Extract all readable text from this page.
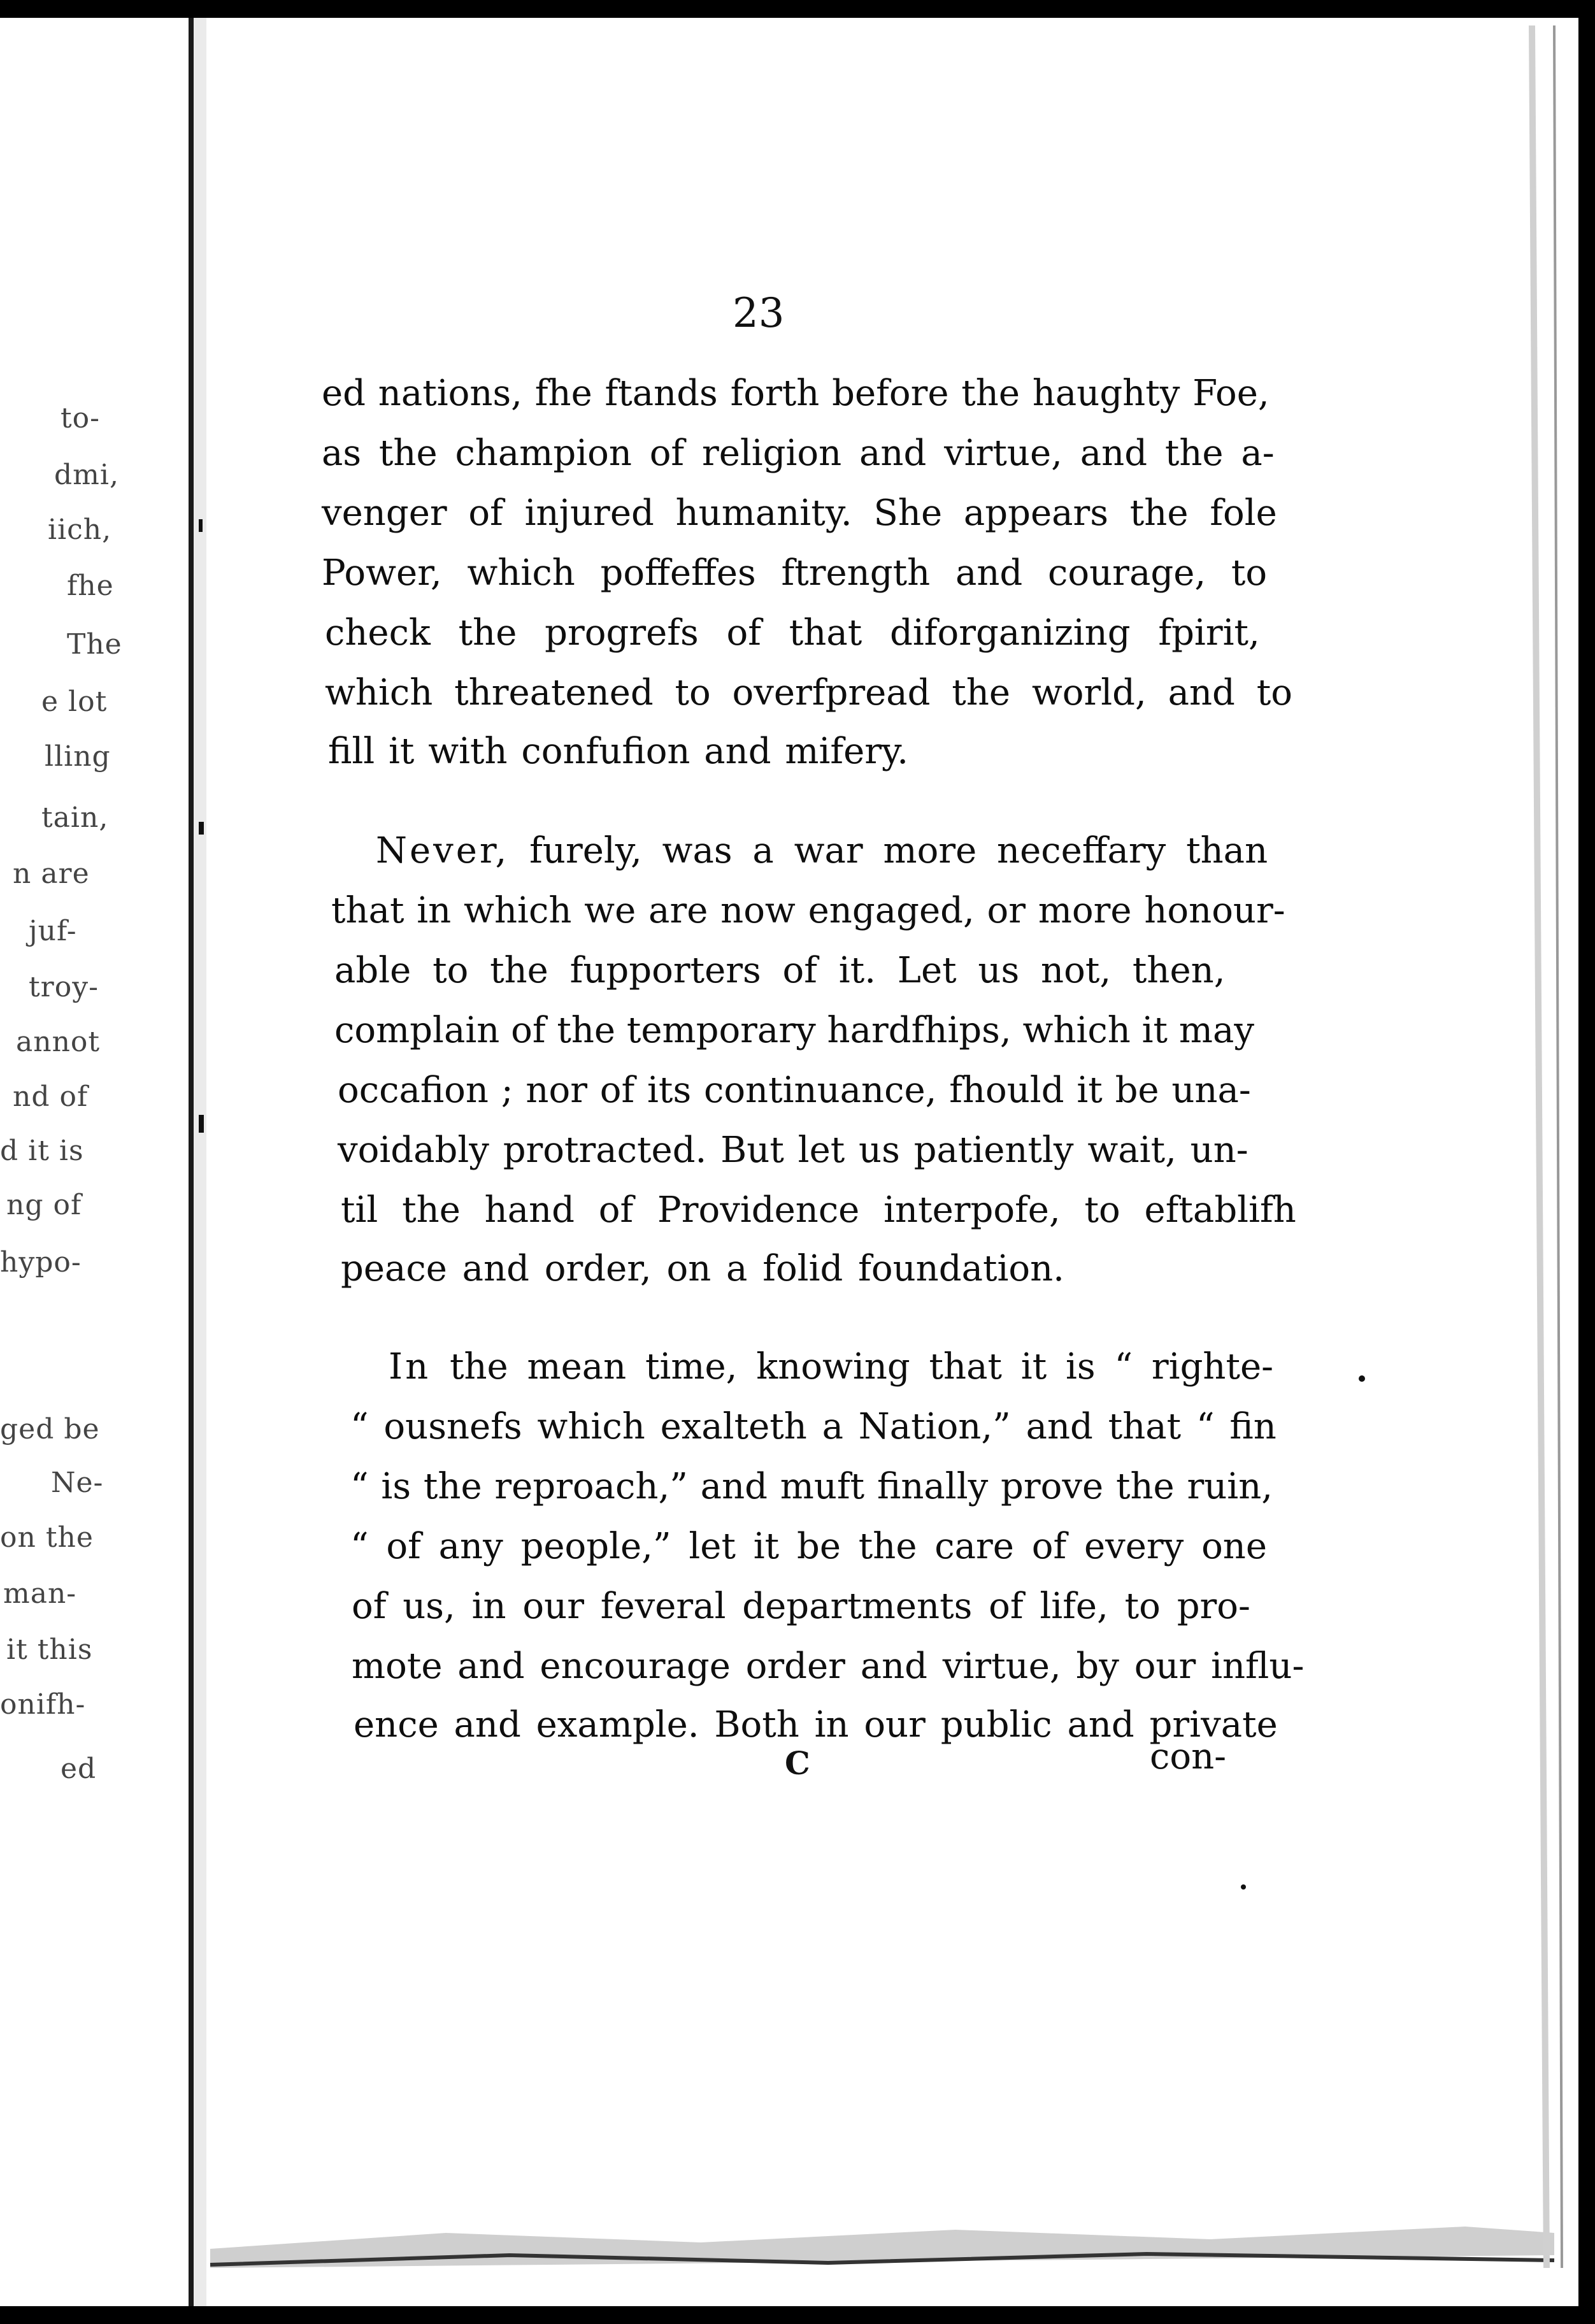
to-
dmi,
iich,
fhe
The
e lot
lling
tain,
n are
juf-
troy-
annot
nd of
d it is
ng of
hypo-
ged be
Ne-
on the
man-
it this
onifh-
ed
23
ed nations, fhe ftands forth before the haughty Foe,
as the champion of religion and virtue, and the a-
venger of injured humanity. She appears the fole
Power, which poffeffes ftrength and courage, to
check the progrefs of that diforganizing fpirit,
which threatened to overfpread the world, and to
fill it with confufion and mifery.
Never, furely, was a war more neceffary than
that in which we are now engaged, or more honour-
able to the fupporters of it. Let us not, then,
complain of the temporary hardfhips, which it may
occafion ; nor of its continuance, fhould it be una-
voidably protracted. But let us patiently wait, un-
til the hand of Providence interpofe, to eftablifh
peace and order, on a folid foundation.
In the mean time, knowing that it is “ righte-
“ ousnefs which exalteth a Nation,” and that “ fin
“ is the reproach,” and muft finally prove the ruin,
“ of any people,” let it be the care of every one
of us, in our feveral departments of life, to pro-
mote and encourage order and virtue, by our influ-
ence and example. Both in our public and private
C	con-
